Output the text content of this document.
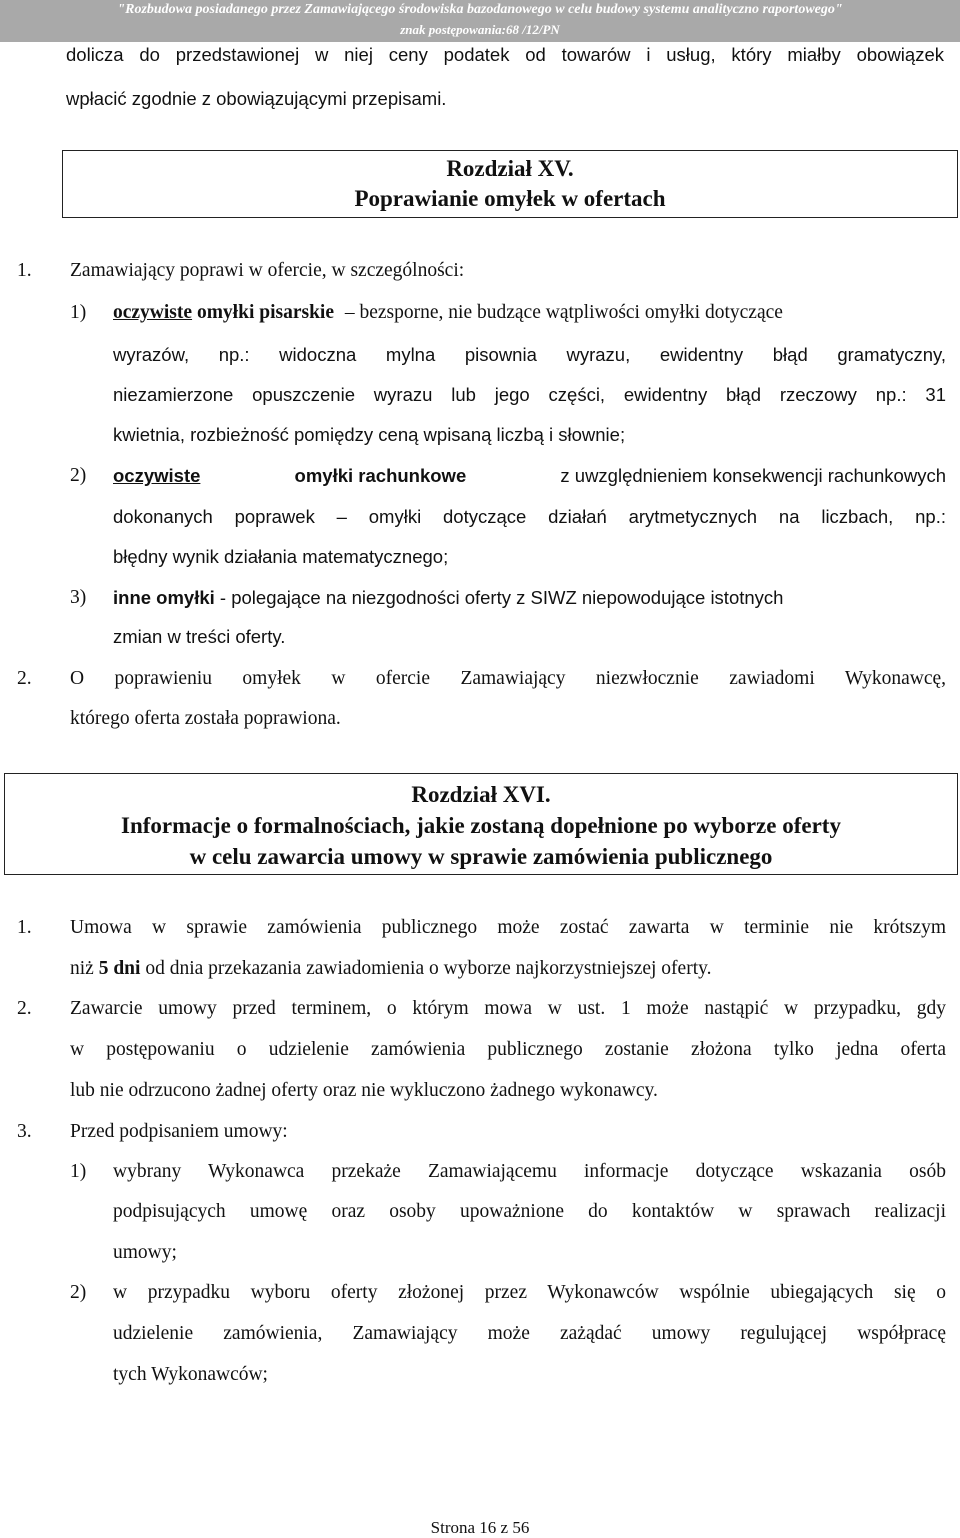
"Rozbudowa posiadanego przez Zamawiającego środowiska bazodanowego w celu budowy systemu analityczno raportowego"
znak postępowania:68 /12/PN
dolicza do przedstawionej w niej ceny podatek od towarów i usług, który miałby obowiązek
wpłacić zgodnie z obowiązującymi przepisami.
Rozdział XV.
Poprawianie omyłek w ofertach
1. Zamawiający poprawi w ofercie, w szczególności:
1) oczywiste omyłki pisarskie – bezsporne, nie budzące wątpliwości omyłki dotyczące
wyrazów, np.: widoczna mylna pisownia wyrazu, ewidentny błąd gramatyczny,
niezamierzone opuszczenie wyrazu lub jego części, ewidentny błąd rzeczowy np.: 31
kwietnia, rozbieżność pomiędzy ceną wpisaną liczbą i słownie;
2) oczywiste	omyłki rachunkowe	z uwzględnieniem konsekwencji rachunkowych
dokonanych poprawek – omyłki dotyczące działań arytmetycznych na liczbach, np.:
błędny wynik działania matematycznego;
3) inne omyłki - polegające na niezgodności oferty z SIWZ niepowodujące istotnych
zmian w treści oferty.
2. O poprawieniu omyłek w ofercie Zamawiający niezwłocznie zawiadomi Wykonawcę,
którego oferta została poprawiona.
Rozdział XVI.
Informacje o formalnościach, jakie zostaną dopełnione po wyborze oferty
w celu zawarcia umowy w sprawie zamówienia publicznego
1. Umowa w sprawie zamówienia publicznego może zostać zawarta w terminie nie krótszym
niż 5 dni od dnia przekazania zawiadomienia o wyborze najkorzystniejszej oferty.
2. Zawarcie umowy przed terminem, o którym mowa w ust. 1 może nastąpić w przypadku, gdy
w postępowaniu o udzielenie zamówienia publicznego zostanie złożona tylko jedna oferta
lub nie odrzucono żadnej oferty oraz nie wykluczono żadnego wykonawcy.
3. Przed podpisaniem umowy:
1) wybrany Wykonawca przekaże Zamawiającemu informacje dotyczące wskazania osób
podpisujących umowę oraz osoby upoważnione do kontaktów w sprawach realizacji
umowy;
2) w przypadku wyboru oferty złożonej przez Wykonawców wspólnie ubiegających się o
udzielenie zamówienia, Zamawiający może zażądać umowy regulującej współpracę
tych Wykonawców;
Strona 16 z 56
